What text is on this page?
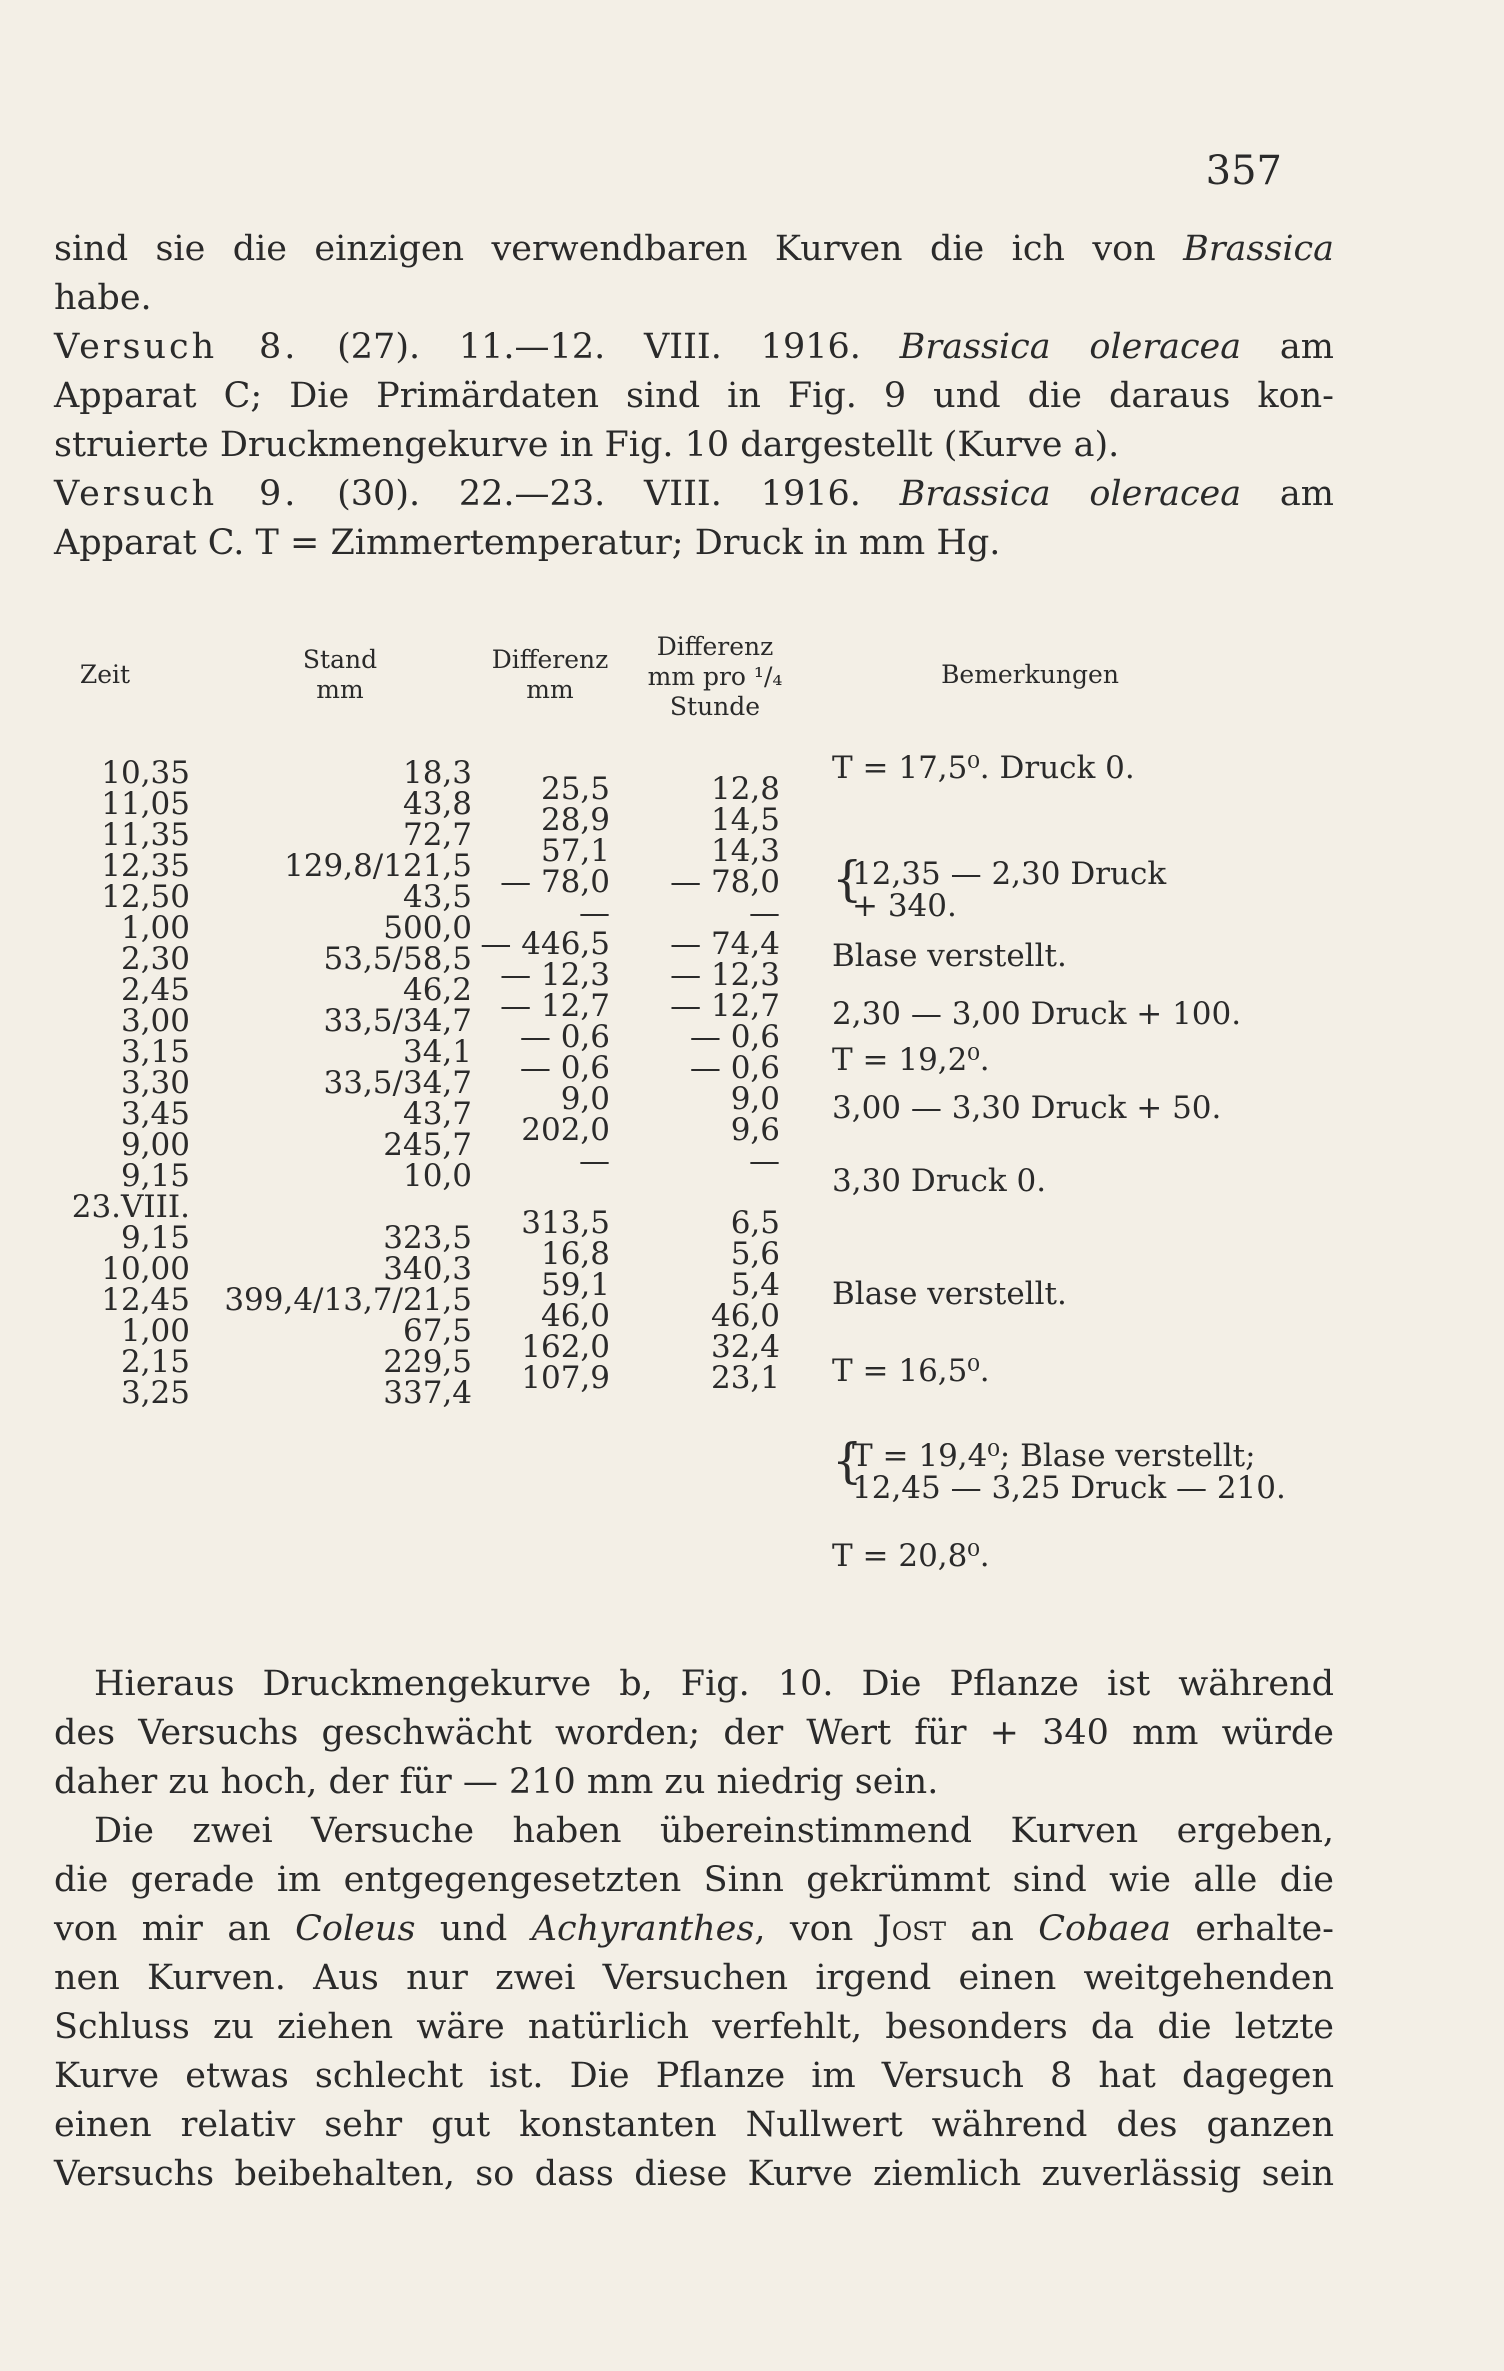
357

sind sie die einzigen verwendbaren Kurven die ich von Brassica

habe.

Versuch 8. (27). 11.—12. VIII. 1916. Brassica oleracea am

Apparat C; Die Primärdaten sind in Fig. 9 und die daraus kon-

struierte Druckmengekurve in Fig. 10 dargestellt (Kurve a).

Versuch 9. (30). 22.—23. VIII. 1916. Brassica oleracea am

Apparat C. T = Zimmertemperatur; Druck in mm Hg.

Zeit
Stand
mm
Differenz
mm
Differenz
mm pro ¹/₄
Stunde
Bemerkungen
10,35
11,05
11,35
12,35
12,50
1,00
2,30
2,45
3,00
3,15
3,30
3,45
9,00
9,15
23.VIII.
9,15
10,00
12,45
1,00
2,15
3,25
18,3
43,8
72,7
129,8/121,5
43,5
500,0
53,5/58,5
46,2
33,5/34,7
34,1
33,5/34,7
43,7
245,7
10,0
323,5
340,3
399,4/13,7/21,5
67,5
229,5
337,4
25,5
28,9
57,1
— 78,0
—
— 446,5
— 12,3
— 12,7
— 0,6
— 0,6
9,0
202,0
—
313,5
16,8
59,1
46,0
162,0
107,9
12,8
14,5
14,3
— 78,0
—
— 74,4
— 12,3
— 12,7
— 0,6
— 0,6
9,0
9,6
—
6,5
5,6
5,4
46,0
32,4
23,1
T = 17,5⁰. Druck 0.
{
12,35 — 2,30 Druck
+ 340.
Blase verstellt.
2,30 — 3,00 Druck + 100.
T = 19,2⁰.
3,00 — 3,30 Druck + 50.
3,30 Druck 0.
Blase verstellt.
T = 16,5⁰.
{
T = 19,4⁰; Blase verstellt;
12,45 — 3,25 Druck — 210.
T = 20,8⁰.

Hieraus Druckmengekurve b, Fig. 10. Die Pflanze ist während

des Versuchs geschwächt worden; der Wert für + 340 mm würde

daher zu hoch, der für — 210 mm zu niedrig sein.

Die zwei Versuche haben übereinstimmend Kurven ergeben,

die gerade im entgegengesetzten Sinn gekrümmt sind wie alle die

von mir an Coleus und Achyranthes, von Jost an Cobaea erhalte-

nen Kurven. Aus nur zwei Versuchen irgend einen weitgehenden

Schluss zu ziehen wäre natürlich verfehlt, besonders da die letzte

Kurve etwas schlecht ist. Die Pflanze im Versuch 8 hat dagegen

einen relativ sehr gut konstanten Nullwert während des ganzen

Versuchs beibehalten, so dass diese Kurve ziemlich zuverlässig sein
